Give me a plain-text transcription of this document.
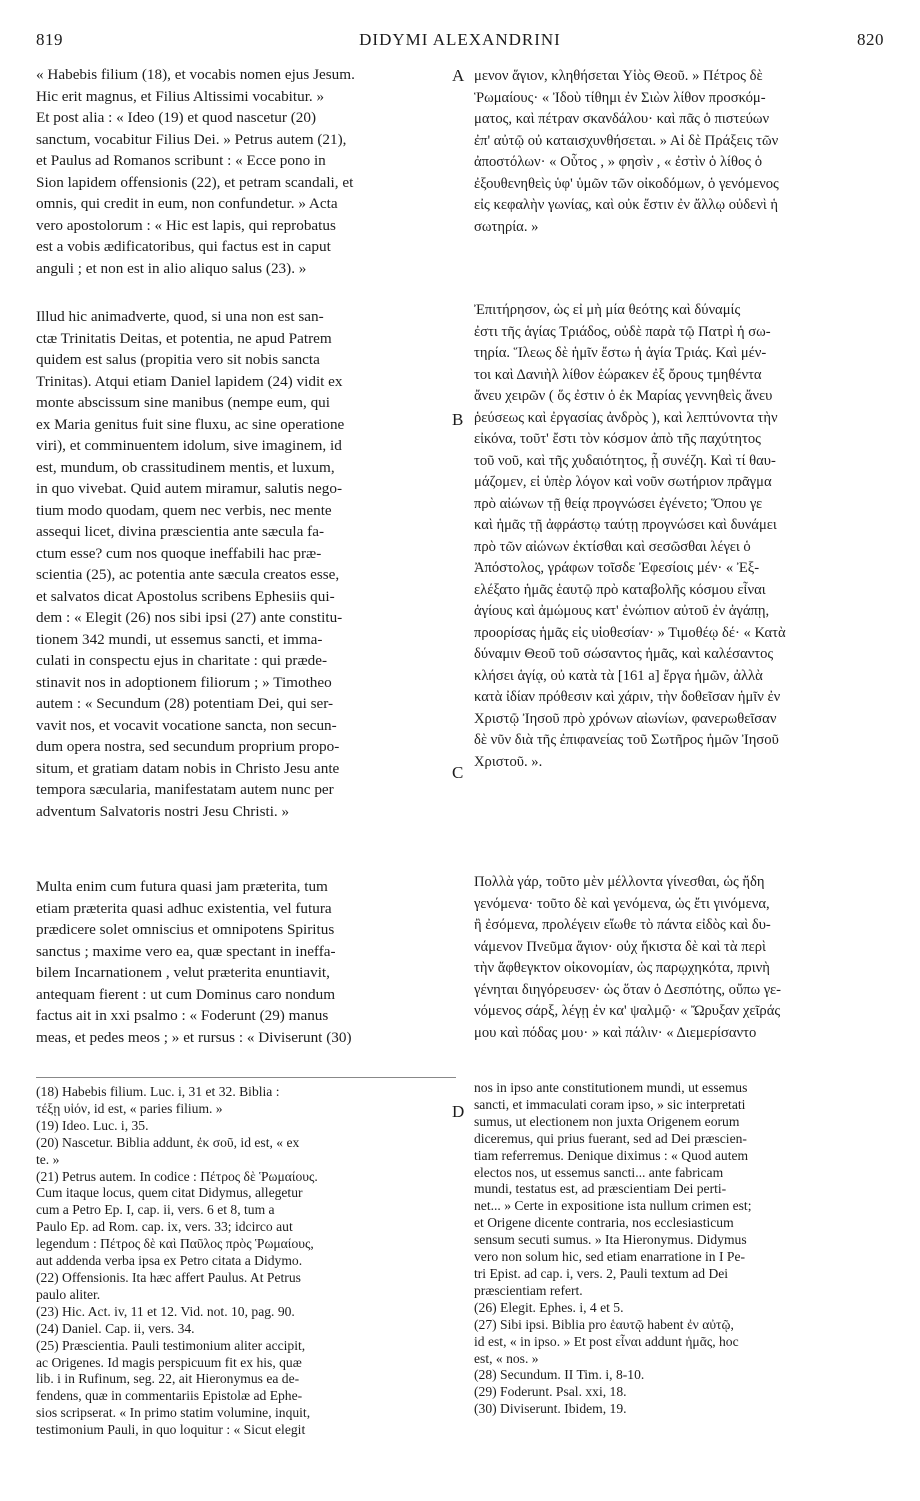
819	DIDYMI ALEXANDRINI	820
« Habebis filium (18), et vocabis nomen ejus Jesum.
Hic erit magnus, et Filius Altissimi vocabitur. »
Et post alia : « Ideo (19) et quod nascetur (20)
sanctum, vocabitur Filius Dei. » Petrus autem (21),
et Paulus ad Romanos scribunt : « Ecce pono in
Sion lapidem offensionis (22), et petram scandali, et
omnis, qui credit in eum, non confundetur. » Acta
vero apostolorum : « Hic est lapis, qui reprobatus
est a vobis ædificatoribus, qui factus est in caput
anguli ; et non est in alio aliquo salus (23). »
Illud hic animadverte, quod, si una non est san-
ctæ Trinitatis Deitas, et potentia, ne apud Patrem
quidem est salus (propitia vero sit nobis sancta
Trinitas). Atqui etiam Daniel lapidem (24) vidit ex
monte abscissum sine manibus (nempe eum, qui
ex Maria genitus fuit sine fluxu, ac sine operatione
viri), et comminuentem idolum, sive imaginem, id
est, mundum, ob crassitudinem mentis, et luxum,
in quo vivebat. Quid autem miramur, salutis nego-
tium modo quodam, quem nec verbis, nec mente
assequi licet, divina præscientia ante sæcula fa-
ctum esse? cum nos quoque ineffabili hac præ-
scientia (25), ac potentia ante sæcula creatos esse,
et salvatos dicat Apostolus scribens Ephesiis qui-
dem : « Elegit (26) nos sibi ipsi (27) ante constitu-
tionem 342 mundi, ut essemus sancti, et imma-
culati in conspectu ejus in charitate : qui præde-
stinavit nos in adoptionem filiorum ; » Timotheo
autem : « Secundum (28) potentiam Dei, qui ser-
vavit nos, et vocavit vocatione sancta, non secun-
dum opera nostra, sed secundum proprium propo-
situm, et gratiam datam nobis in Christo Jesu ante
tempora sæcularia, manifestatam autem nunc per
adventum Salvatoris nostri Jesu Christi. »
Multa enim cum futura quasi jam præterita, tum
etiam præterita quasi adhuc existentia, vel futura
prædicere solet omniscius et omnipotens Spiritus
sanctus ; maxime vero ea, quæ spectant in ineffa-
bilem Incarnationem , velut præterita enuntiavit,
antequam fierent : ut cum Dominus caro nondum
factus ait in xxi psalmo : « Foderunt (29) manus
meas, et pedes meos ; » et rursus : « Diviserunt (30)
μενον ἅγιον, κληθήσεται Υἱὸς Θεοῦ. » Πέτρος δὲ
Ῥωμαίους· « Ἰδοὺ τίθημι ἐν Σιὼν λίθον προσκόμ-
ματος, καὶ πέτραν σκανδάλου· καὶ πᾶς ὁ πιστεύων
ἐπ' αὐτῷ οὐ καταισχυνθήσεται. » Αἱ δὲ Πράξεις τῶν
ἀποστόλων· « Οὗτος , » φησὶν , « ἐστὶν ὁ λίθος ὁ
ἐξουθενηθεὶς ὑφ' ὑμῶν τῶν οἰκοδόμων, ὁ γενόμενος
εἰς κεφαλὴν γωνίας, καὶ οὐκ ἔστιν ἐν ἄλλῳ οὐδενὶ ἡ
σωτηρία. »
Ἐπιτήρησον, ὡς εἰ μὴ μία θεότης καὶ δύναμίς
ἐστι τῆς ἁγίας Τριάδος, οὐδὲ παρὰ τῷ Πατρὶ ἡ σω-
τηρία. Ἵλεως δὲ ἡμῖν ἔστω ἡ ἁγία Τριάς. Καὶ μέν-
τοι καὶ Δανιὴλ λίθον ἑώρακεν ἐξ ὄρους τμηθέντα
ἄνευ χειρῶν ( ὅς ἐστιν ὁ ἐκ Μαρίας γεννηθεὶς ἄνευ
ῥεύσεως καὶ ἐργασίας ἀνδρὸς ), καὶ λεπτύνοντα τὴν
εἰκόνα, τοῦτ' ἔστι τὸν κόσμον ἀπὸ τῆς παχύτητος
τοῦ νοῦ, καὶ τῆς χυδαιότητος, ᾗ συνέζη. Καὶ τί θαυ-
μάζομεν, εἰ ὑπὲρ λόγον καὶ νοῦν σωτήριον πρᾶγμα
πρὸ αἰώνων τῇ θείᾳ προγνώσει ἐγένετο; Ὅπου γε
καὶ ἡμᾶς τῇ ἀφράστῳ ταύτῃ προγνώσει καὶ δυνάμει
πρὸ τῶν αἰώνων ἐκτίσθαι καὶ σεσῶσθαι λέγει ὁ
Ἀπόστολος, γράφων τοῖσδε Ἐφεσίοις μέν· « Ἐξ-
ελέξατο ἡμᾶς ἑαυτῷ πρὸ καταβολῆς κόσμου εἶναι
ἁγίους καὶ ἀμώμους κατ' ἐνώπιον αὐτοῦ ἐν ἀγάπῃ,
προορίσας ἡμᾶς εἰς υἱοθεσίαν· » Τιμοθέῳ δέ· « Κατὰ
δύναμιν Θεοῦ τοῦ σώσαντος ἡμᾶς, καὶ καλέσαντος
κλήσει ἁγίᾳ, οὐ κατὰ τὰ [161 a] ἔργα ἡμῶν, ἀλλὰ
κατὰ ἰδίαν πρόθεσιν καὶ χάριν, τὴν δοθεῖσαν ἡμῖν ἐν
Χριστῷ Ἰησοῦ πρὸ χρόνων αἰωνίων, φανερωθεῖσαν
δὲ νῦν διὰ τῆς ἐπιφανείας τοῦ Σωτῆρος ἡμῶν Ἰησοῦ
Χριστοῦ. ».
Πολλὰ γάρ, τοῦτο μὲν μέλλοντα γίνεσθαι, ὡς ἤδη
γενόμενα· τοῦτο δὲ καὶ γενόμενα, ὡς ἔτι γινόμενα,
ἢ ἐσόμενα, προλέγειν εἴωθε τὸ πάντα εἰδὸς καὶ δυ-
νάμενον Πνεῦμα ἅγιον· οὐχ ἥκιστα δὲ καὶ τὰ περὶ
τὴν ἄφθεγκτον οἰκονομίαν, ὡς παρῳχηκότα, πρινὴ
γένηται διηγόρευσεν· ὡς ὅταν ὁ Δεσπότης, οὔπω γε-
νόμενος σάρξ, λέγῃ ἐν κα' ψαλμῷ· « Ὤρυξαν χεῖράς
μου καὶ πόδας μου· » καὶ πάλιν· « Διεμερίσαντο
A
B
C
D
(18) Habebis filium. Luc. i, 31 et 32. Biblia :
τέξῃ υἱόν, id est, « paries filium. »
(19) Ideo. Luc. i, 35.
(20) Nascetur. Biblia addunt, ἐκ σοῦ, id est, « ex
te. »
(21) Petrus autem. In codice : Πέτρος δὲ Ῥωμαίους.
Cum itaque locus, quem citat Didymus, allegetur
cum a Petro Ep. I, cap. ii, vers. 6 et 8, tum a
Paulo Ep. ad Rom. cap. ix, vers. 33; idcirco aut
legendum : Πέτρος δὲ καὶ Παῦλος πρὸς Ῥωμαίους,
aut addenda verba ipsa ex Petro citata a Didymo.
(22) Offensionis. Ita hæc affert Paulus. At Petrus
paulo aliter.
(23) Hic. Act. iv, 11 et 12. Vid. not. 10, pag. 90.
(24) Daniel. Cap. ii, vers. 34.
(25) Præscientia. Pauli testimonium aliter accipit,
ac Origenes. Id magis perspicuum fit ex his, quæ
lib. i in Rufinum, seg. 22, ait Hieronymus ea de-
fendens, quæ in commentariis Epistolæ ad Ephe-
sios scripserat. « In primo statim volumine, inquit,
testimonium Pauli, in quo loquitur : « Sicut elegit
nos in ipso ante constitutionem mundi, ut essemus
sancti, et immaculati coram ipso, » sic interpretati
sumus, ut electionem non juxta Origenem eorum
diceremus, qui prius fuerant, sed ad Dei præscien-
tiam referremus. Denique diximus : « Quod autem
electos nos, ut essemus sancti... ante fabricam
mundi, testatus est, ad præscientiam Dei perti-
net... » Certe in expositione ista nullum crimen est;
et Origene dicente contraria, nos ecclesiasticum
sensum secuti sumus. » Ita Hieronymus. Didymus
vero non solum hic, sed etiam enarratione in I Pe-
tri Epist. ad cap. i, vers. 2, Pauli textum ad Dei
præscientiam refert.
(26) Elegit. Ephes. i, 4 et 5.
(27) Sibi ipsi. Biblia pro ἑαυτῷ habent ἐν αὐτῷ,
id est, « in ipso. » Et post εἶναι addunt ἡμᾶς, hoc
est, « nos. »
(28) Secundum. II Tim. i, 8-10.
(29) Foderunt. Psal. xxi, 18.
(30) Diviserunt. Ibidem, 19.
